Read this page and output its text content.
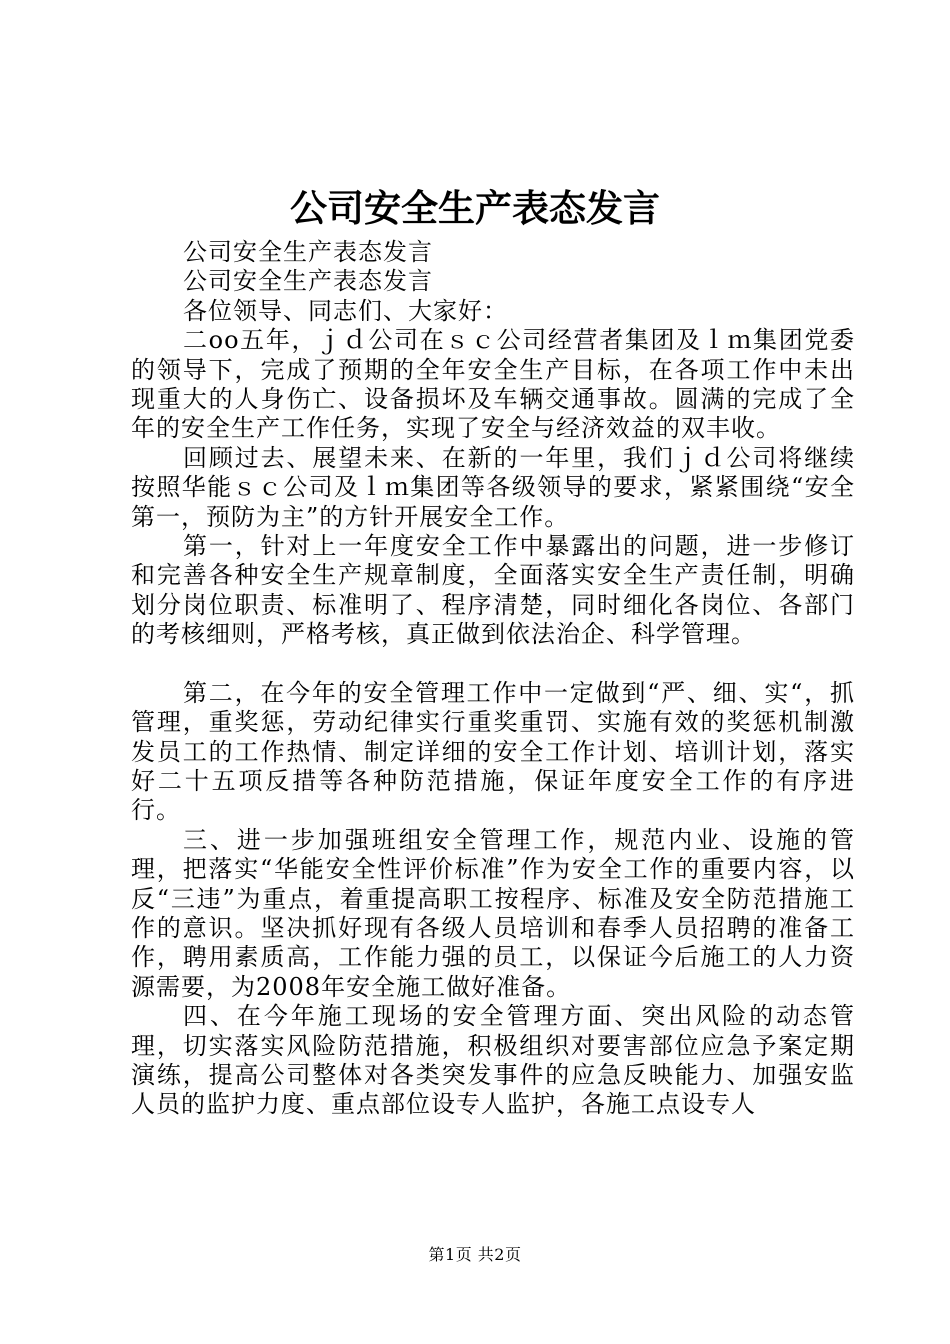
公司安全生产表态发言

公司安全生产表态发言

公司安全生产表态发言

各位领导、同志们、大家好：

二oo五年，ｊｄ公司在ｓｃ公司经营者集团及ｌｍ集团党委的领导下，完成了预期的全年安全生产目标，在各项工作中未出现重大的人身伤亡、设备损坏及车辆交通事故。圆满的完成了全年的安全生产工作任务，实现了安全与经济效益的双丰收。

回顾过去、展望未来、在新的一年里，我们ｊｄ公司将继续按照华能ｓｃ公司及ｌｍ集团等各级领导的要求，紧紧围绕“安全第一，预防为主”的方针开展安全工作。

第一，针对上一年度安全工作中暴露出的问题，进一步修订和完善各种安全生产规章制度，全面落实安全生产责任制，明确划分岗位职责、标准明了、程序清楚，同时细化各岗位、各部门的考核细则，严格考核，真正做到依法治企、科学管理。

第二，在今年的安全管理工作中一定做到“严、细、实“，抓管理，重奖惩，劳动纪律实行重奖重罚、实施有效的奖惩机制激发员工的工作热情、制定详细的安全工作计划、培训计划，落实好二十五项反措等各种防范措施，保证年度安全工作的有序进行。

三、进一步加强班组安全管理工作，规范内业、设施的管理，把落实“华能安全性评价标准”作为安全工作的重要内容，以反“三违”为重点，着重提高职工按程序、标准及安全防范措施工作的意识。坚决抓好现有各级人员培训和春季人员招聘的准备工作，聘用素质高，工作能力强的员工，以保证今后施工的人力资源需要，为2008年安全施工做好准备。

四、在今年施工现场的安全管理方面、突出风险的动态管理，切实落实风险防范措施，积极组织对要害部位应急予案定期演练，提高公司整体对各类突发事件的应急反映能力、加强安监人员的监护力度、重点部位设专人监护，各施工点设专人

第1页 共2页
